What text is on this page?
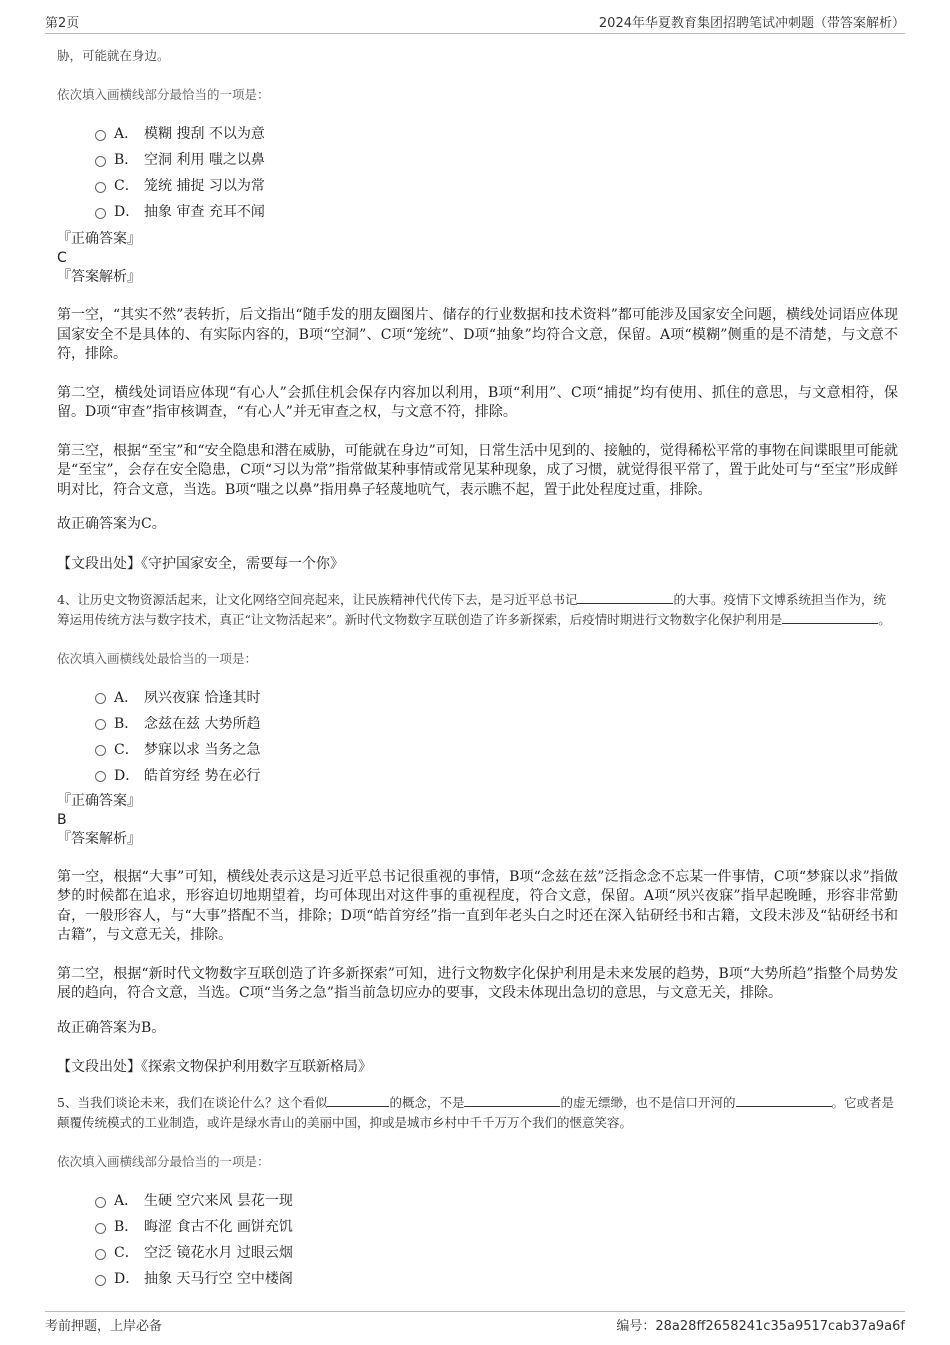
第2页	2024年华夏教育集团招聘笔试冲刺题（带答案解析）
胁，可能就在身边。
依次填入画横线部分最恰当的一项是：
A． 模糊 搜刮 不以为意
B． 空洞 利用 嗤之以鼻
C． 笼统 捕捉 习以为常
D． 抽象 审查 充耳不闻
『正确答案』
C
『答案解析』
第一空，“其实不然”表转折，后文指出“随手发的朋友圈图片、储存的行业数据和技术资料”都可能涉及国家安全问题，横线处词语应体现国家安全不是具体的、有实际内容的，B项“空洞”、C项“笼统”、D项“抽象”均符合文意，保留。A项“模糊”侧重的是不清楚，与文意不符，排除。
第二空，横线处词语应体现“有心人”会抓住机会保存内容加以利用，B项“利用”、C项“捕捉”均有使用、抓住的意思，与文意相符，保留。D项“审查”指审核调查，“有心人”并无审查之权，与文意不符，排除。
第三空，根据“至宝”和“安全隐患和潜在威胁，可能就在身边”可知，日常生活中见到的、接触的，觉得稀松平常的事物在间谍眼里可能就是“至宝”，会存在安全隐患，C项“习以为常”指常做某种事情或常见某种现象，成了习惯，就觉得很平常了，置于此处可与“至宝”形成鲜明对比，符合文意，当选。B项“嗤之以鼻”指用鼻子轻蔑地吭气，表示瞧不起，置于此处程度过重，排除。
故正确答案为C。
【文段出处】《守护国家安全，需要每一个你》
4、让历史文物资源活起来，让文化网络空间亮起来，让民族精神代代传下去，是习近平总书记	的大事。疫情下文博系统担当作为，统筹运用传统方法与数字技术，真正“让文物活起来”。新时代文物数字互联创造了许多新探索，后疫情时期进行文物数字化保护利用是	。
依次填入画横线处最恰当的一项是：
A． 夙兴夜寐 恰逢其时
B． 念兹在兹 大势所趋
C． 梦寐以求 当务之急
D． 皓首穷经 势在必行
『正确答案』
B
『答案解析』
第一空，根据“大事”可知，横线处表示这是习近平总书记很重视的事情，B项“念兹在兹”泛指念念不忘某一件事情，C项“梦寐以求”指做梦的时候都在追求，形容迫切地期望着，均可体现出对这件事的重视程度，符合文意，保留。A项“夙兴夜寐”指早起晚睡，形容非常勤奋，一般形容人，与“大事”搭配不当，排除；D项“皓首穷经”指一直到年老头白之时还在深入钻研经书和古籍，文段未涉及“钻研经书和古籍”，与文意无关，排除。
第二空，根据“新时代文物数字互联创造了许多新探索”可知，进行文物数字化保护利用是未来发展的趋势，B项“大势所趋”指整个局势发展的趋向，符合文意，当选。C项“当务之急”指当前急切应办的要事，文段未体现出急切的意思，与文意无关，排除。
故正确答案为B。
【文段出处】《探索文物保护利用数字互联新格局》
5、当我们谈论未来，我们在谈论什么？这个看似	的概念，不是	的虚无缥缈，也不是信口开河的	。它或者是颠覆传统模式的工业制造，或许是绿水青山的美丽中国，抑或是城市乡村中千千万万个我们的惬意笑容。
依次填入画横线部分最恰当的一项是：
A． 生硬 空穴来风 昙花一现
B． 晦涩 食古不化 画饼充饥
C． 空泛 镜花水月 过眼云烟
D． 抽象 天马行空 空中楼阁
考前押题，上岸必备	编号：28a28ff2658241c35a9517cab37a9a6f
